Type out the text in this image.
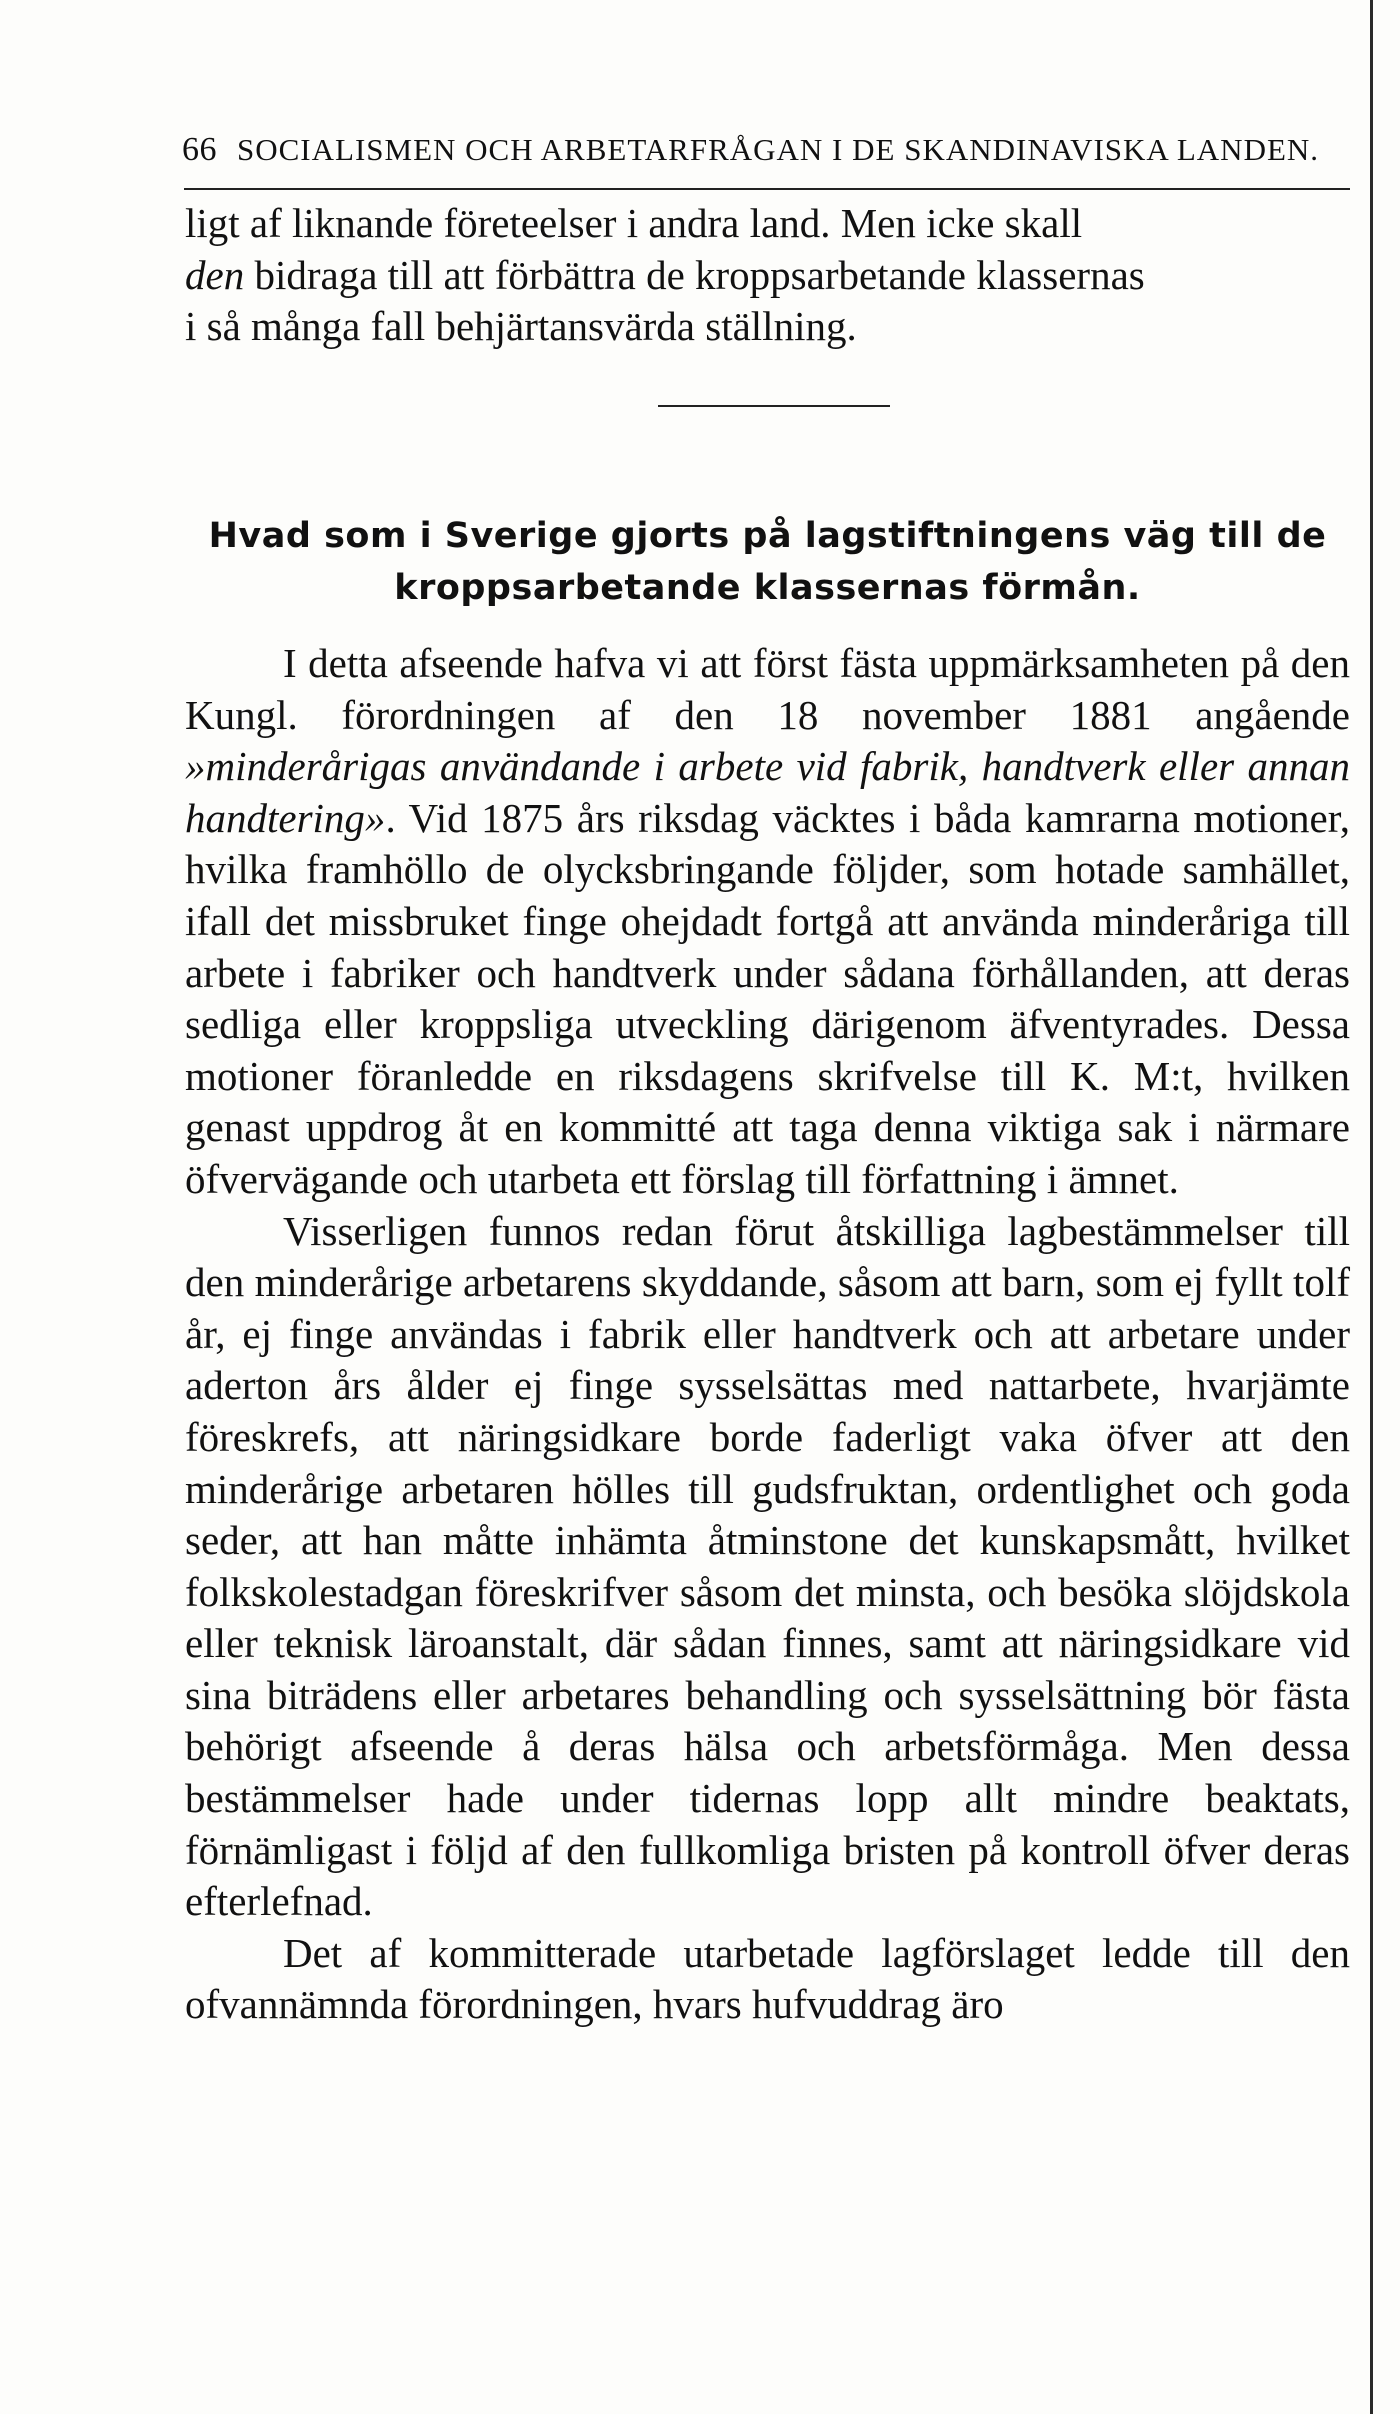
66 SOCIALISMEN OCH ARBETARFRÅGAN I DE SKANDINAVISKA LANDEN.

ligt af liknande företeelser i andra land. Men icke skall

den bidraga till att förbättra de kroppsarbetande klassernas

i så många fall behjärtansvärda ställning.

Hvad som i Sverige gjorts på lagstiftningens väg till de
kroppsarbetande klassernas förmån.

I detta afseende hafva vi att först fästa uppmärksamheten på den Kungl. förordningen af den 18 november 1881 angående »minderårigas användande i arbete vid fabrik, handtverk eller annan handtering». Vid 1875 års riksdag väcktes i båda kamrarna motioner, hvilka framhöllo de olycksbringande följder, som hotade samhället, ifall det missbruket finge ohejdadt fortgå att använda minderåriga till arbete i fabriker och handtverk under sådana förhållanden, att deras sedliga eller kroppsliga utveckling därigenom äfventyrades. Dessa motioner föranledde en riksdagens skrifvelse till K. M:t, hvilken genast uppdrog åt en kommitté att taga denna viktiga sak i närmare öfvervägande och utarbeta ett förslag till författning i ämnet.

Visserligen funnos redan förut åtskilliga lagbestämmelser till den minderårige arbetarens skyddande, såsom att barn, som ej fyllt tolf år, ej finge användas i fabrik eller handtverk och att arbetare under aderton års ålder ej finge sysselsättas med nattarbete, hvarjämte föreskrefs, att näringsidkare borde faderligt vaka öfver att den minderårige arbetaren hölles till gudsfruktan, ordentlighet och goda seder, att han måtte inhämta åtminstone det kunskapsmått, hvilket folkskolestadgan föreskrifver såsom det minsta, och besöka slöjdskola eller teknisk läroanstalt, där sådan finnes, samt att näringsidkare vid sina biträdens eller arbetares behandling och sysselsättning bör fästa behörigt afseende å deras hälsa och arbetsförmåga. Men dessa bestämmelser hade under tidernas lopp allt mindre beaktats, förnämligast i följd af den fullkomliga bristen på kontroll öfver deras efterlefnad.

Det af kommitterade utarbetade lagförslaget ledde till den ofvannämnda förordningen, hvars hufvuddrag äro
